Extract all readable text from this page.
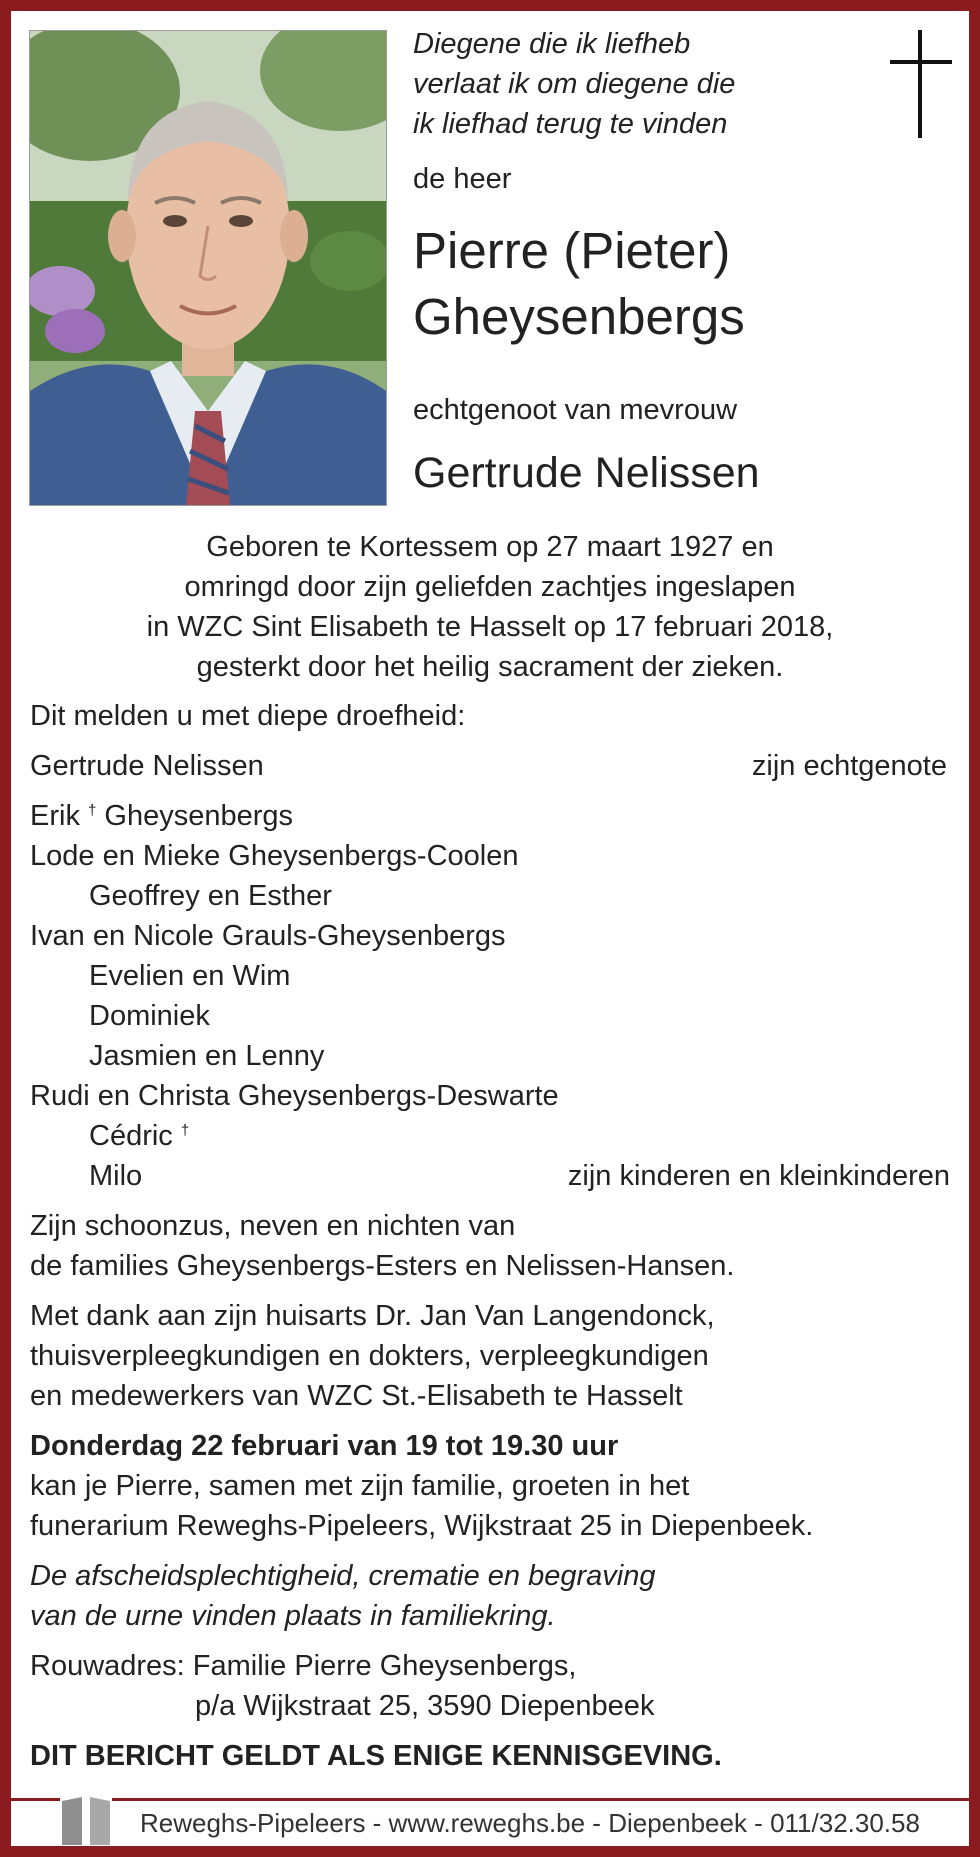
Diegene die ik liefheb
verlaat ik om diegene die
ik liefhad terug te vinden
de heer
Pierre (Pieter)
Gheysenbergs
echtgenoot van mevrouw
Gertrude Nelissen
Geboren te Kortessem op 27 maart 1927 en
omringd door zijn geliefden zachtjes ingeslapen
in WZC Sint Elisabeth te Hasselt op 17 februari 2018,
gesterkt door het heilig sacrament der zieken.
Dit melden u met diepe droefheid:
Gertrude Nelissen	zijn echtgenote
Erik † Gheysenbergs
Lode en Mieke Gheysenbergs-Coolen
Geoffrey en Esther
Ivan en Nicole Grauls-Gheysenbergs
Evelien en Wim
Dominiek
Jasmien en Lenny
Rudi en Christa Gheysenbergs-Deswarte
Cédric †
Milo	zijn kinderen en kleinkinderen
Zijn schoonzus, neven en nichten van
de families Gheysenbergs-Esters en Nelissen-Hansen.
Met dank aan zijn huisarts Dr. Jan Van Langendonck,
thuisverpleegkundigen en dokters, verpleegkundigen
en medewerkers van WZC St.-Elisabeth te Hasselt
Donderdag 22 februari van 19 tot 19.30 uur
kan je Pierre, samen met zijn familie, groeten in het
funerarium Reweghs-Pipeleers, Wijkstraat 25 in Diepenbeek.
De afscheidsplechtigheid, crematie en begraving
van de urne vinden plaats in familiekring.
Rouwadres: Familie Pierre Gheysenbergs,
p/a Wijkstraat 25, 3590 Diepenbeek
DIT BERICHT GELDT ALS ENIGE KENNISGEVING.
Reweghs-Pipeleers - www.reweghs.be - Diepenbeek - 011/32.30.58
